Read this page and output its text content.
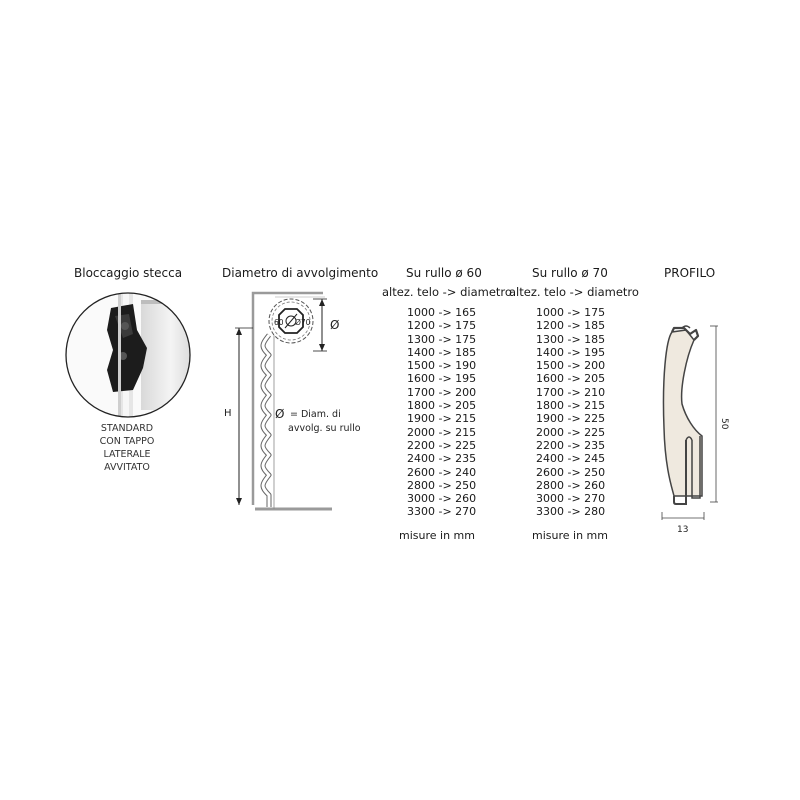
Bloccaggio stecca
STANDARD
CON TAPPO
LATERALE
AVVITATO
Diametro di avvolgimento
60 Ø70
H
Ø
Ø = Diam. di
avvolg. su rullo
Su rullo ø 60
altez. telo -> diametro
1000 -> 165
1200 -> 175
1300 -> 175
1400 -> 185
1500 -> 190
1600 -> 195
1700 -> 200
1800 -> 205
1900 -> 215
2000 -> 215
2200 -> 225
2400 -> 235
2600 -> 240
2800 -> 250
3000 -> 260
3300 -> 270
misure in mm
Su rullo ø 70
altez. telo -> diametro
1000 -> 175
1200 -> 185
1300 -> 185
1400 -> 195
1500 -> 200
1600 -> 205
1700 -> 210
1800 -> 215
1900 -> 225
2000 -> 225
2200 -> 235
2400 -> 245
2600 -> 250
2800 -> 260
3000 -> 270
3300 -> 280
misure in mm
PROFILO
50
13
